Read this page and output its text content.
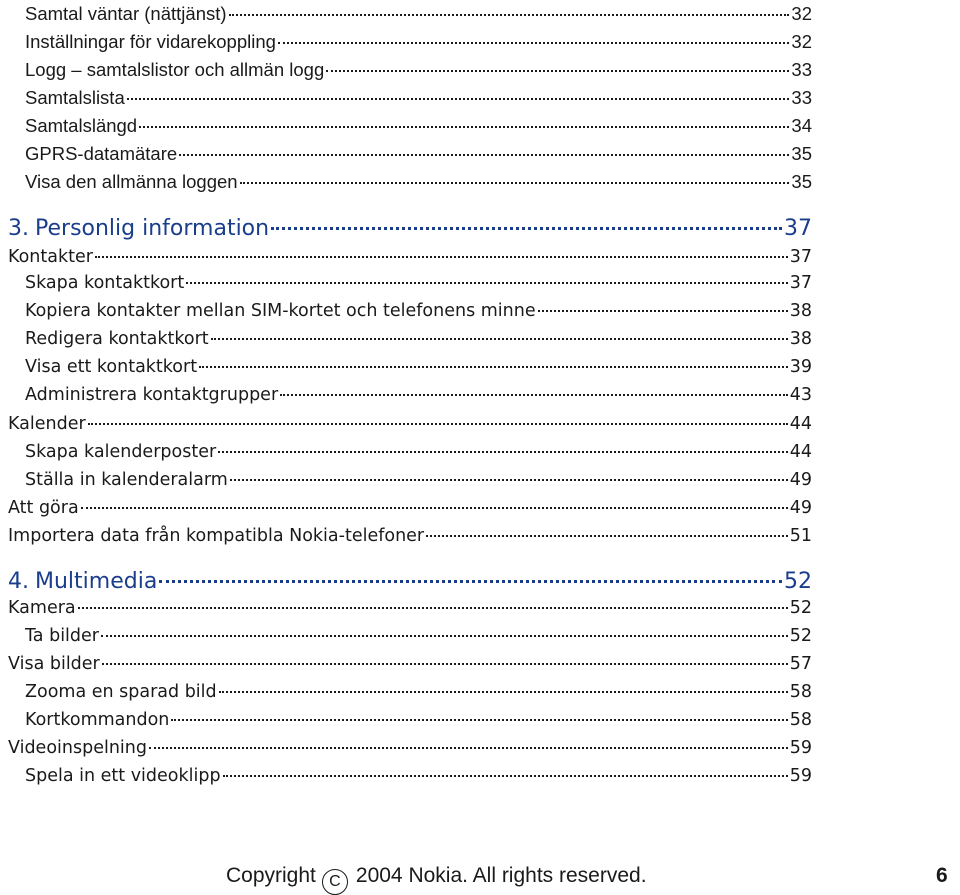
Samtal väntar (nättjänst)	32
Inställningar för vidarekoppling	32
Logg – samtalslistor och allmän logg	33
Samtalslista	33
Samtalslängd	34
GPRS-datamätare	35
Visa den allmänna loggen	35
3. Personlig information	37
Kontakter	37
Skapa kontaktkort	37
Kopiera kontakter mellan SIM-kortet och telefonens minne	38
Redigera kontaktkort	38
Visa ett kontaktkort	39
Administrera kontaktgrupper	43
Kalender	44
Skapa kalenderposter	44
Ställa in kalenderalarm	49
Att göra	49
Importera data från kompatibla Nokia-telefoner	51
4. Multimedia	52
Kamera	52
Ta bilder	52
Visa bilder	57
Zooma en sparad bild	58
Kortkommandon	58
Videoinspelning	59
Spela in ett videoklipp	59
Copyright C 2004 Nokia. All rights reserved.	6
